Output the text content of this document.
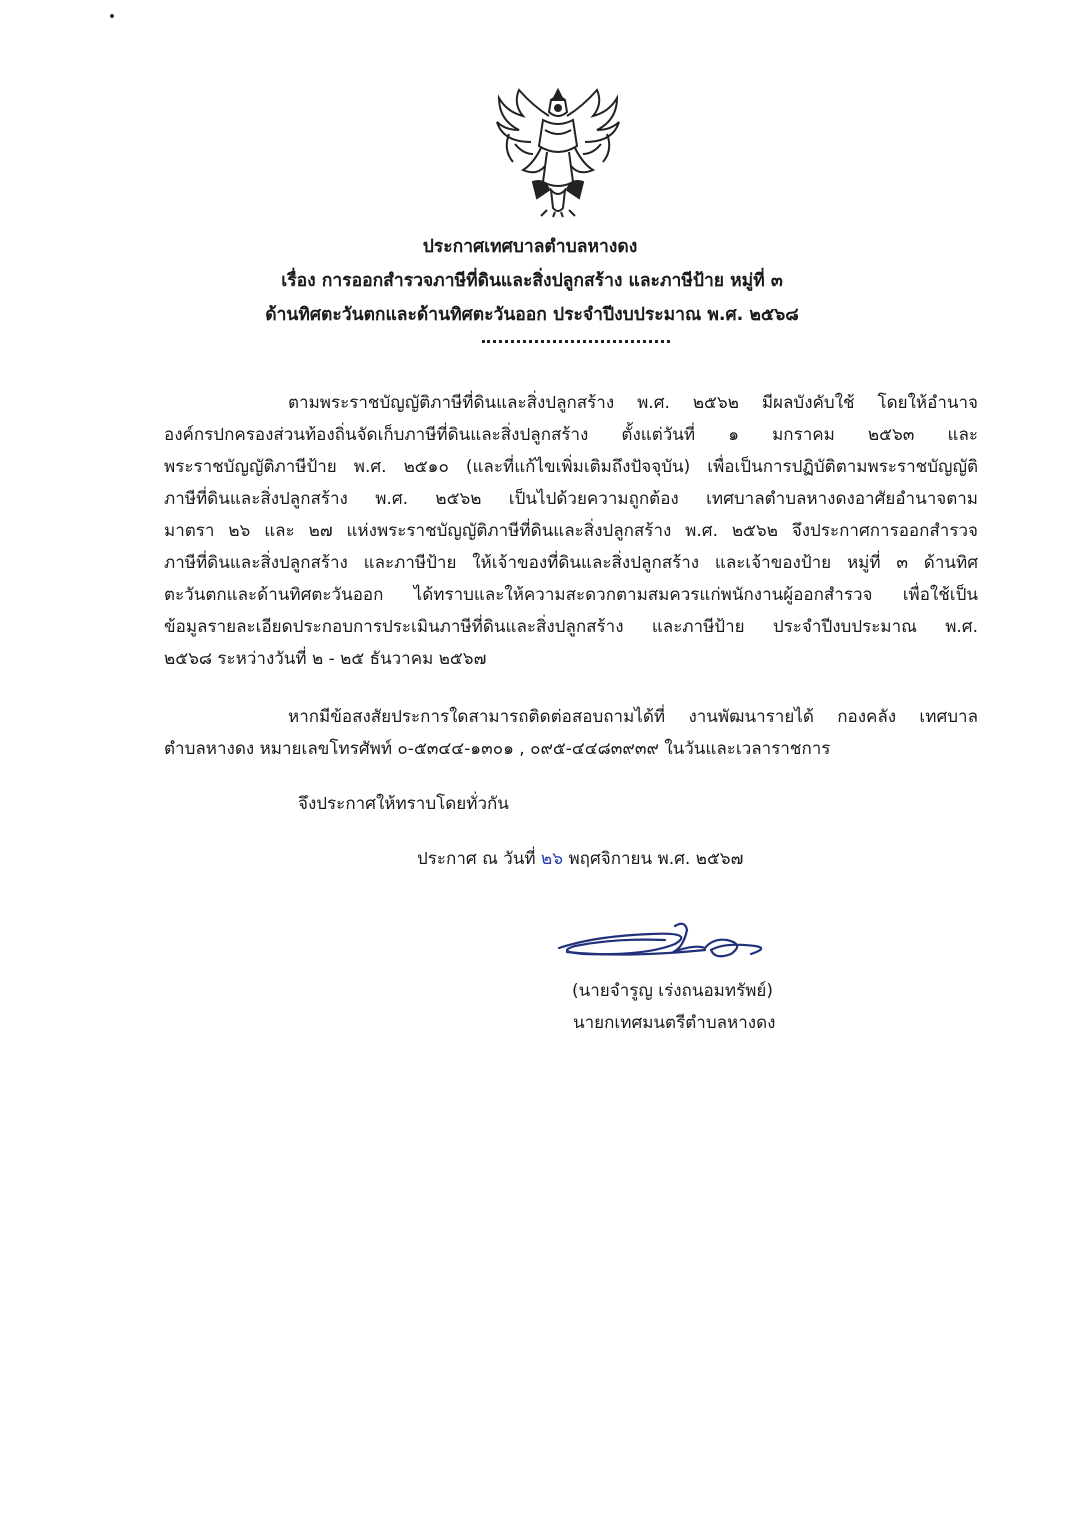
ประกาศเทศบาลตำบลหางดง
เรื่อง การออกสำรวจภาษีที่ดินและสิ่งปลูกสร้าง และภาษีป้าย หมู่ที่ ๓
ด้านทิศตะวันตกและด้านทิศตะวันออก ประจำปีงบประมาณ พ.ศ. ๒๕๖๘
ตามพระราชบัญญัติภาษีที่ดินและสิ่งปลูกสร้าง พ.ศ. ๒๕๖๒ มีผลบังคับใช้ โดยให้อำนาจ
องค์กรปกครองส่วนท้องถิ่นจัดเก็บภาษีที่ดินและสิ่งปลูกสร้าง ตั้งแต่วันที่ ๑ มกราคม ๒๕๖๓ และ
พระราชบัญญัติภาษีป้าย พ.ศ. ๒๕๑๐ (และที่แก้ไขเพิ่มเติมถึงปัจจุบัน) เพื่อเป็นการปฏิบัติตามพระราชบัญญัติ
ภาษีที่ดินและสิ่งปลูกสร้าง พ.ศ. ๒๕๖๒ เป็นไปด้วยความถูกต้อง เทศบาลตำบลหางดงอาศัยอำนาจตาม
มาตรา ๒๖ และ ๒๗ แห่งพระราชบัญญัติภาษีที่ดินและสิ่งปลูกสร้าง พ.ศ. ๒๕๖๒ จึงประกาศการออกสำรวจ
ภาษีที่ดินและสิ่งปลูกสร้าง และภาษีป้าย ให้เจ้าของที่ดินและสิ่งปลูกสร้าง และเจ้าของป้าย หมู่ที่ ๓ ด้านทิศ
ตะวันตกและด้านทิศตะวันออก ได้ทราบและให้ความสะดวกตามสมควรแก่พนักงานผู้ออกสำรวจ เพื่อใช้เป็น
ข้อมูลรายละเอียดประกอบการประเมินภาษีที่ดินและสิ่งปลูกสร้าง และภาษีป้าย ประจำปีงบประมาณ พ.ศ.
๒๕๖๘ ระหว่างวันที่ ๒ - ๒๕ ธันวาคม ๒๕๖๗
หากมีข้อสงสัยประการใดสามารถติดต่อสอบถามได้ที่ งานพัฒนารายได้ กองคลัง เทศบาล
ตำบลหางดง หมายเลขโทรศัพท์ ๐-๕๓๔๔-๑๓๐๑ , ๐๙๕-๔๔๘๓๙๓๙ ในวันและเวลาราชการ
จึงประกาศให้ทราบโดยทั่วกัน
ประกาศ ณ วันที่ ๒๖ พฤศจิกายน พ.ศ. ๒๕๖๗
(นายจำรูญ เร่งถนอมทรัพย์)
นายกเทศมนตรีตำบลหางดง
